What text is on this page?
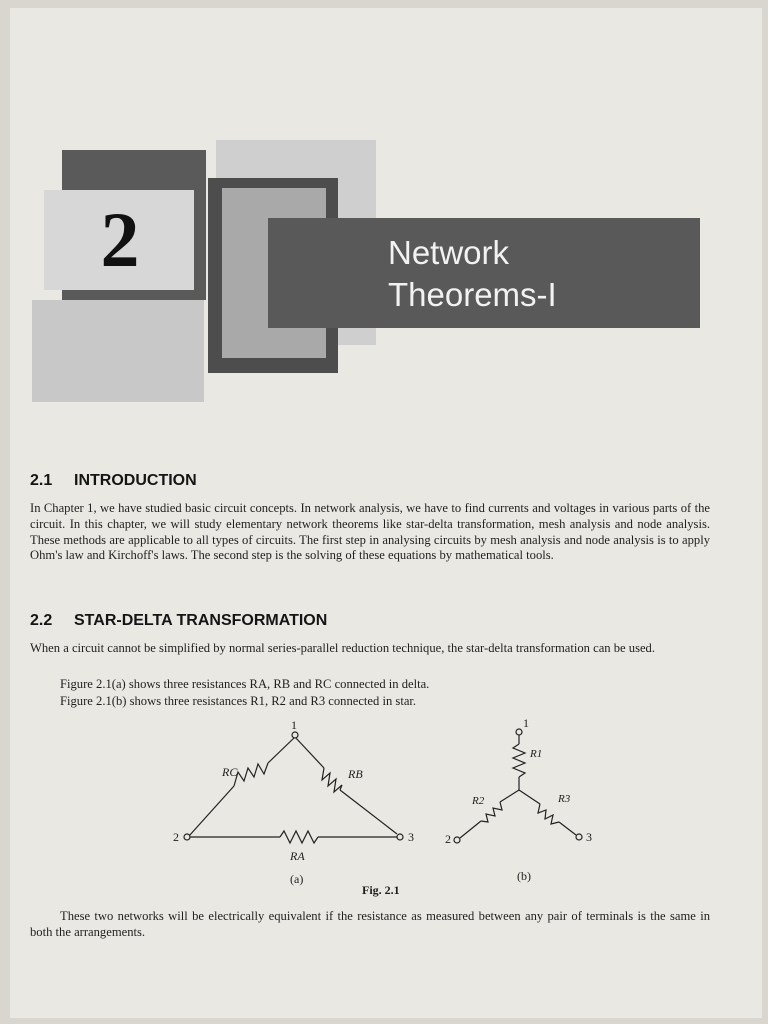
2	Network
Theorems-I
2.1 INTRODUCTION
In Chapter 1, we have studied basic circuit concepts. In network analysis, we have to find currents and voltages in various parts of the circuit. In this chapter, we will study elementary network theorems like star-delta transformation, mesh analysis and node analysis. These methods are applicable to all types of circuits. The first step in analysing circuits by mesh analysis and node analysis is to apply Ohm's law and Kirchoff's laws. The second step is the solving of these equations by mathematical tools.
2.2 STAR-DELTA TRANSFORMATION
When a circuit cannot be simplified by normal series-parallel reduction technique, the star-delta transformation can be used.
Figure 2.1(a) shows three resistances RA, RB and RC connected in delta.
Figure 2.1(b) shows three resistances R1, R2 and R3 connected in star.
1
2	3
RC	RB
RA
(a)
1
2	3
R1
R2	R3
(b)
Fig. 2.1
These two networks will be electrically equivalent if the resistance as measured between any pair of terminals is the same in both the arrangements.
